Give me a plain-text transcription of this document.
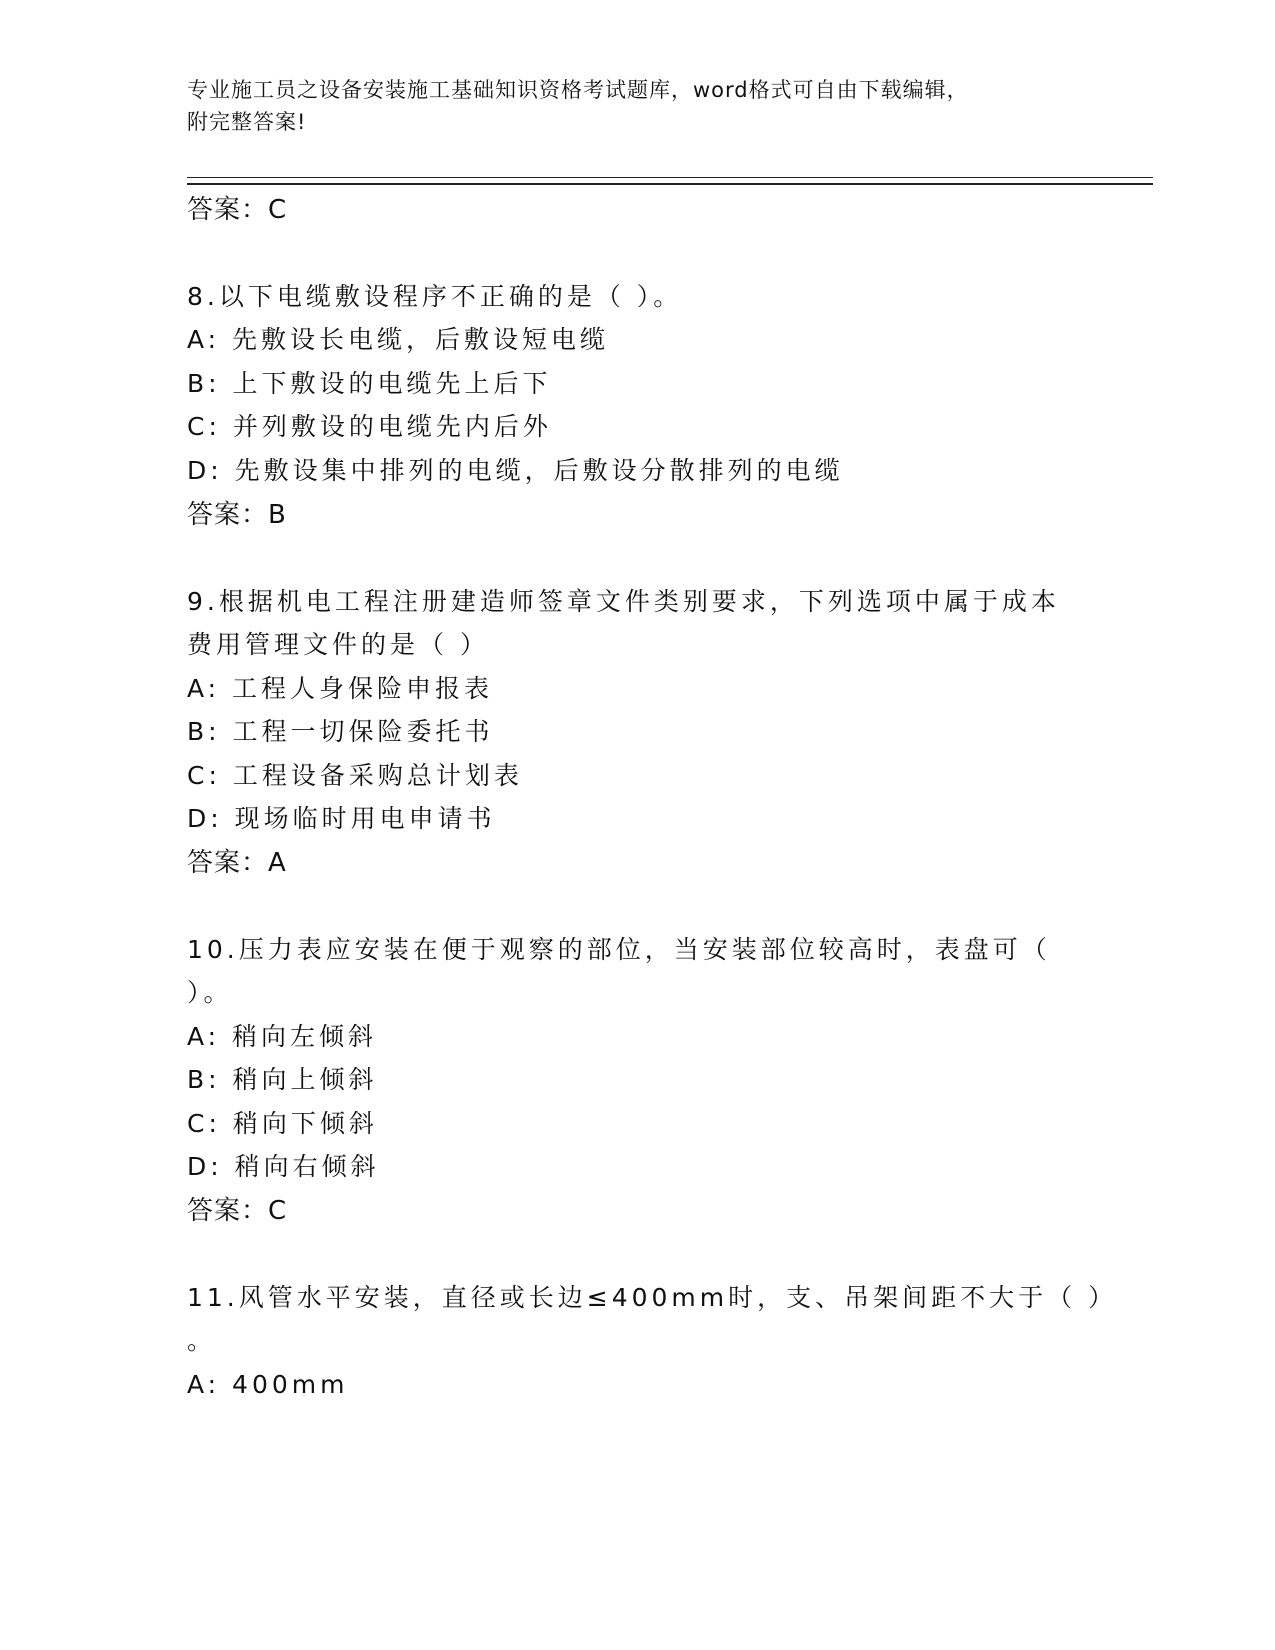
专业施工员之设备安装施工基础知识资格考试题库，word格式可自由下载编辑，
附完整答案!
答案：C
8.以下电缆敷设程序不正确的是（ ）。
A: 先敷设长电缆，后敷设短电缆
B: 上下敷设的电缆先上后下
C: 并列敷设的电缆先内后外
D: 先敷设集中排列的电缆，后敷设分散排列的电缆
答案：B
9.根据机电工程注册建造师签章文件类别要求，下列选项中属于成本
费用管理文件的是（ ）
A: 工程人身保险申报表
B: 工程一切保险委托书
C: 工程设备采购总计划表
D: 现场临时用电申请书
答案：A
10.压力表应安装在便于观察的部位，当安装部位较高时，表盘可（
）。
A: 稍向左倾斜
B: 稍向上倾斜
C: 稍向下倾斜
D: 稍向右倾斜
答案：C
11.风管水平安装，直径或长边≤400mm时，支、吊架间距不大于（ ）
。
A: 400mm
